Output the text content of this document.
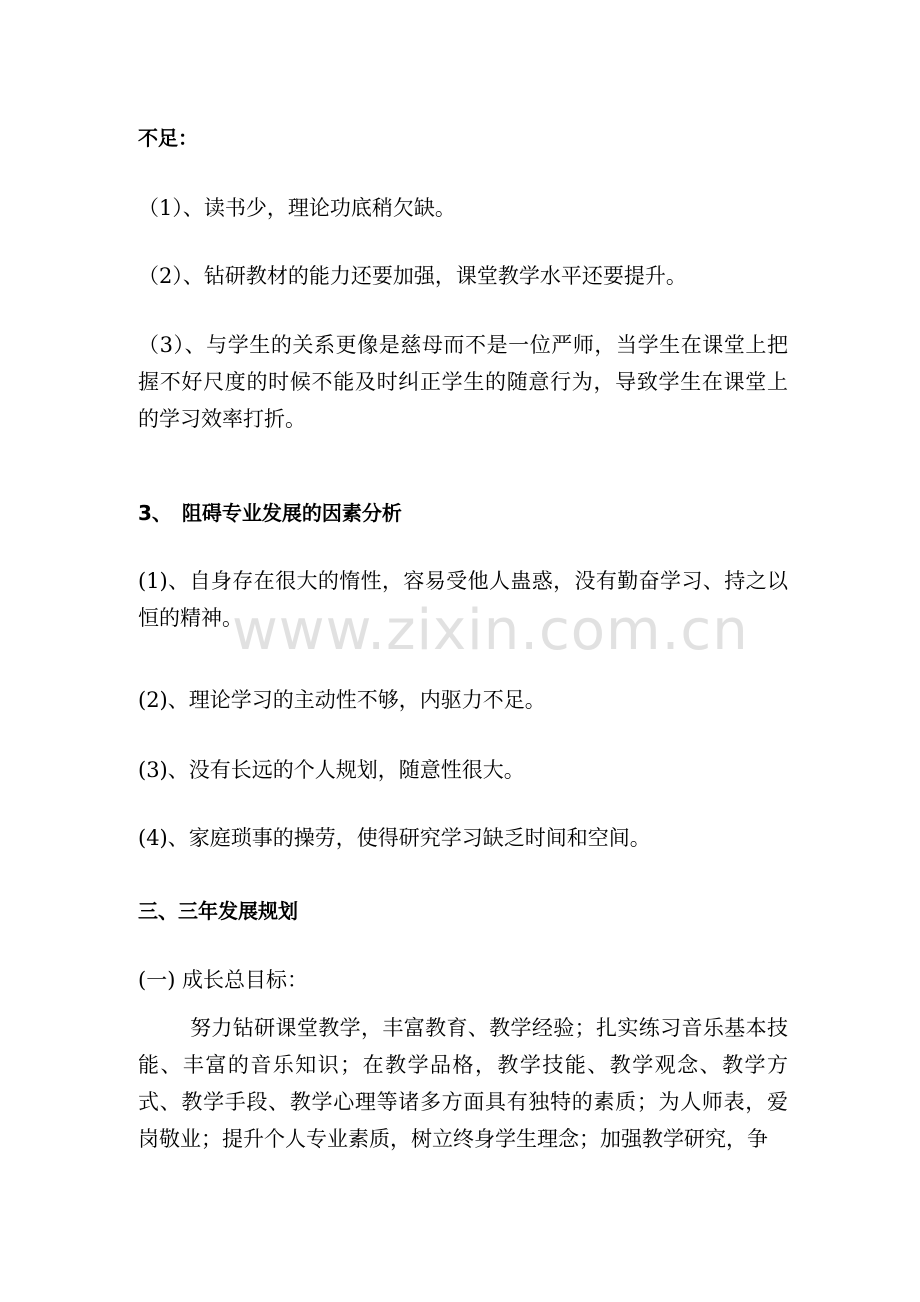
不足：
（1）、读书少，理论功底稍欠缺。
（2）、钻研教材的能力还要加强，课堂教学水平还要提升。
（3）、与学生的关系更像是慈母而不是一位严师，当学生在课堂上把握不好尺度的时候不能及时纠正学生的随意行为，导致学生在课堂上的学习效率打折。
3、　阻碍专业发展的因素分析
(1)、自身存在很大的惰性，容易受他人蛊惑，没有勤奋学习、持之以恒的精神。
(2)、理论学习的主动性不够，内驱力不足。
(3)、没有长远的个人规划，随意性很大。
(4)、家庭琐事的操劳，使得研究学习缺乏时间和空间。
三、三年发展规划
(一) 成长总目标：
努力钻研课堂教学，丰富教育、教学经验；扎实练习音乐基本技能、丰富的音乐知识；在教学品格，教学技能、教学观念、教学方式、教学手段、教学心理等诸多方面具有独特的素质；为人师表，爱岗敬业；提升个人专业素质，树立终身学生理念；加强教学研究，争
www.zixin.com.cn
